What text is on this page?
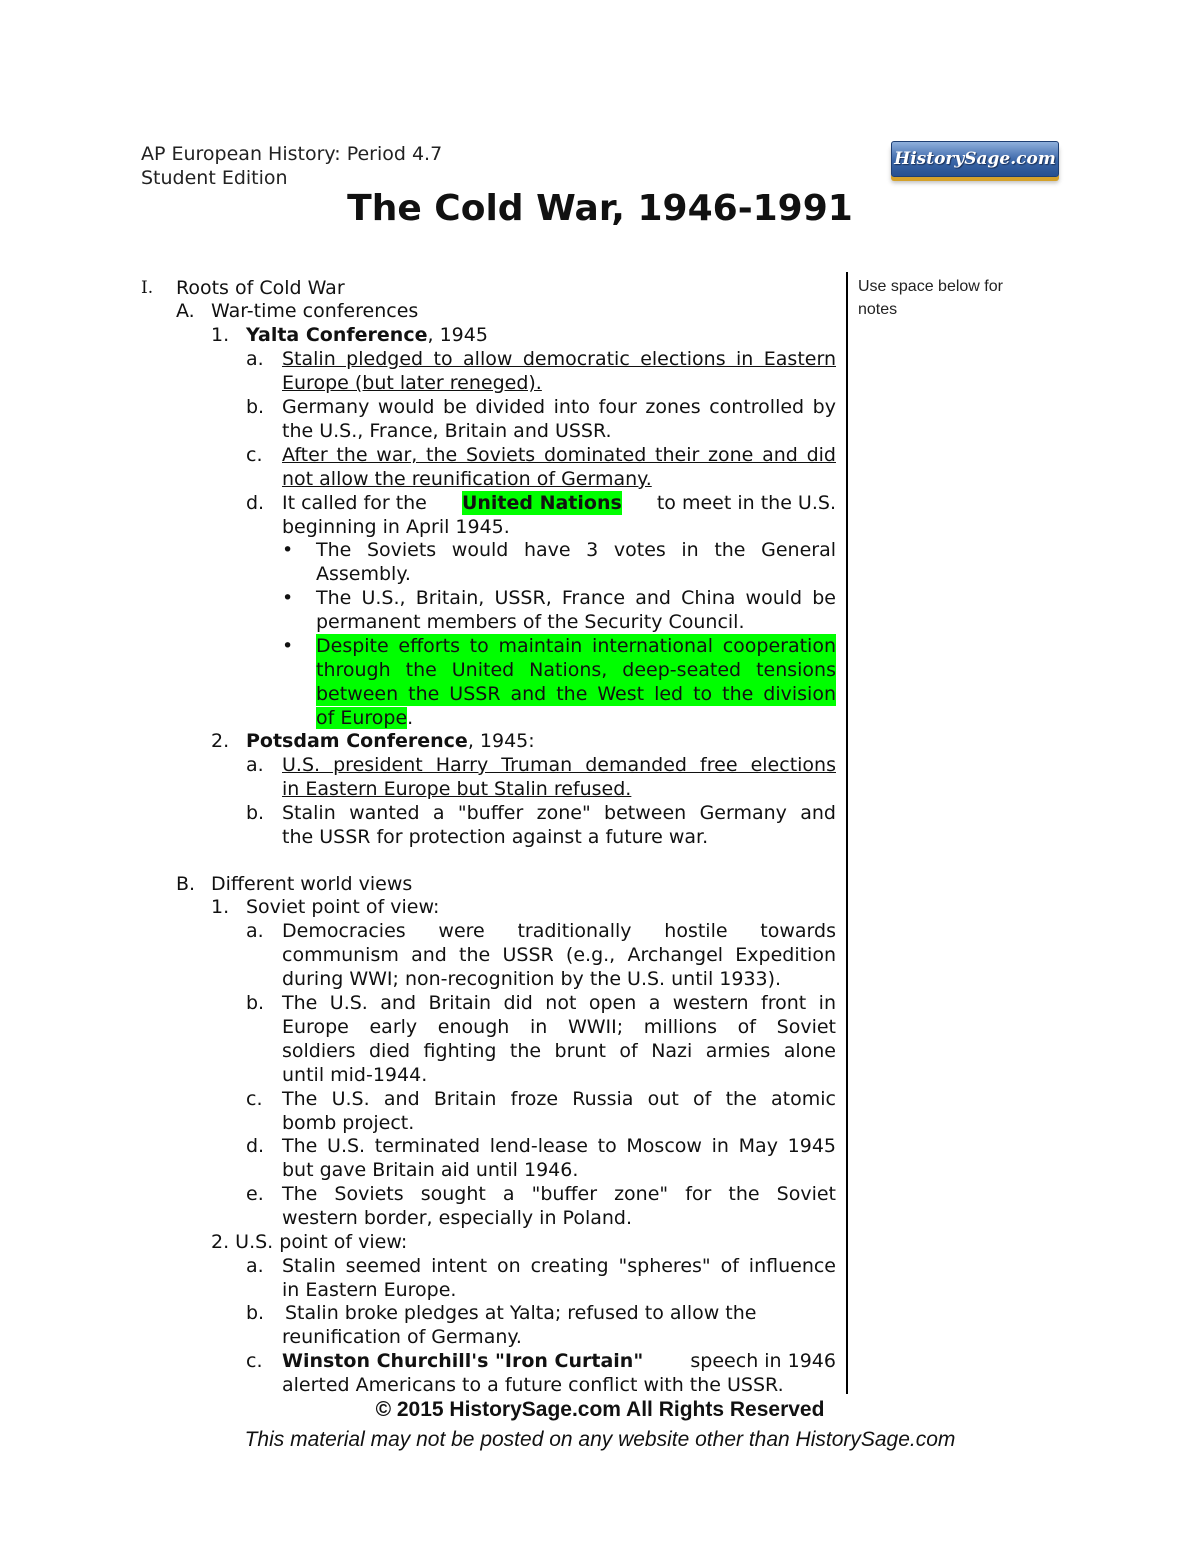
AP European History: Period 4.7
Student Edition
HistorySage.com
The Cold War, 1946-1991
Use space below for notes
I. Roots of Cold War
A. War-time conferences
1. Yalta Conference, 1945
a. Stalin pledged to allow democratic elections in Eastern
Europe (but later reneged).
b. Germany would be divided into four zones controlled by
the U.S., France, Britain and USSR.
c. After the war, the Soviets dominated their zone and did
not allow the reunification of Germany.
d. It called for the United Nations to meet in the U.S.
beginning in April 1945.
• The Soviets would have 3 votes in the General
Assembly.
• The U.S., Britain, USSR, France and China would be
permanent members of the Security Council.
• Despite efforts to maintain international cooperation
through the United Nations, deep-seated tensions
between the USSR and the West led to the division
of Europe.
2. Potsdam Conference, 1945:
a. U.S. president Harry Truman demanded free elections
in Eastern Europe but Stalin refused.
b. Stalin wanted a "buffer zone" between Germany and
the USSR for protection against a future war.
B. Different world views
1. Soviet point of view:
a. Democracies were traditionally hostile towards
communism and the USSR (e.g., Archangel Expedition
during WWI; non-recognition by the U.S. until 1933).
b. The U.S. and Britain did not open a western front in
Europe early enough in WWII; millions of Soviet
soldiers died fighting the brunt of Nazi armies alone
until mid-1944.
c. The U.S. and Britain froze Russia out of the atomic
bomb project.
d. The U.S. terminated lend-lease to Moscow in May 1945
but gave Britain aid until 1946.
e. The Soviets sought a "buffer zone" for the Soviet
western border, especially in Poland.
2. U.S. point of view:
a. Stalin seemed intent on creating "spheres" of influence
in Eastern Europe.
b. Stalin broke pledges at Yalta; refused to allow the
reunification of Germany.
c. Winston Churchill's "Iron Curtain" speech in 1946
alerted Americans to a future conflict with the USSR.
© 2015 HistorySage.com All Rights Reserved
This material may not be posted on any website other than HistorySage.com
